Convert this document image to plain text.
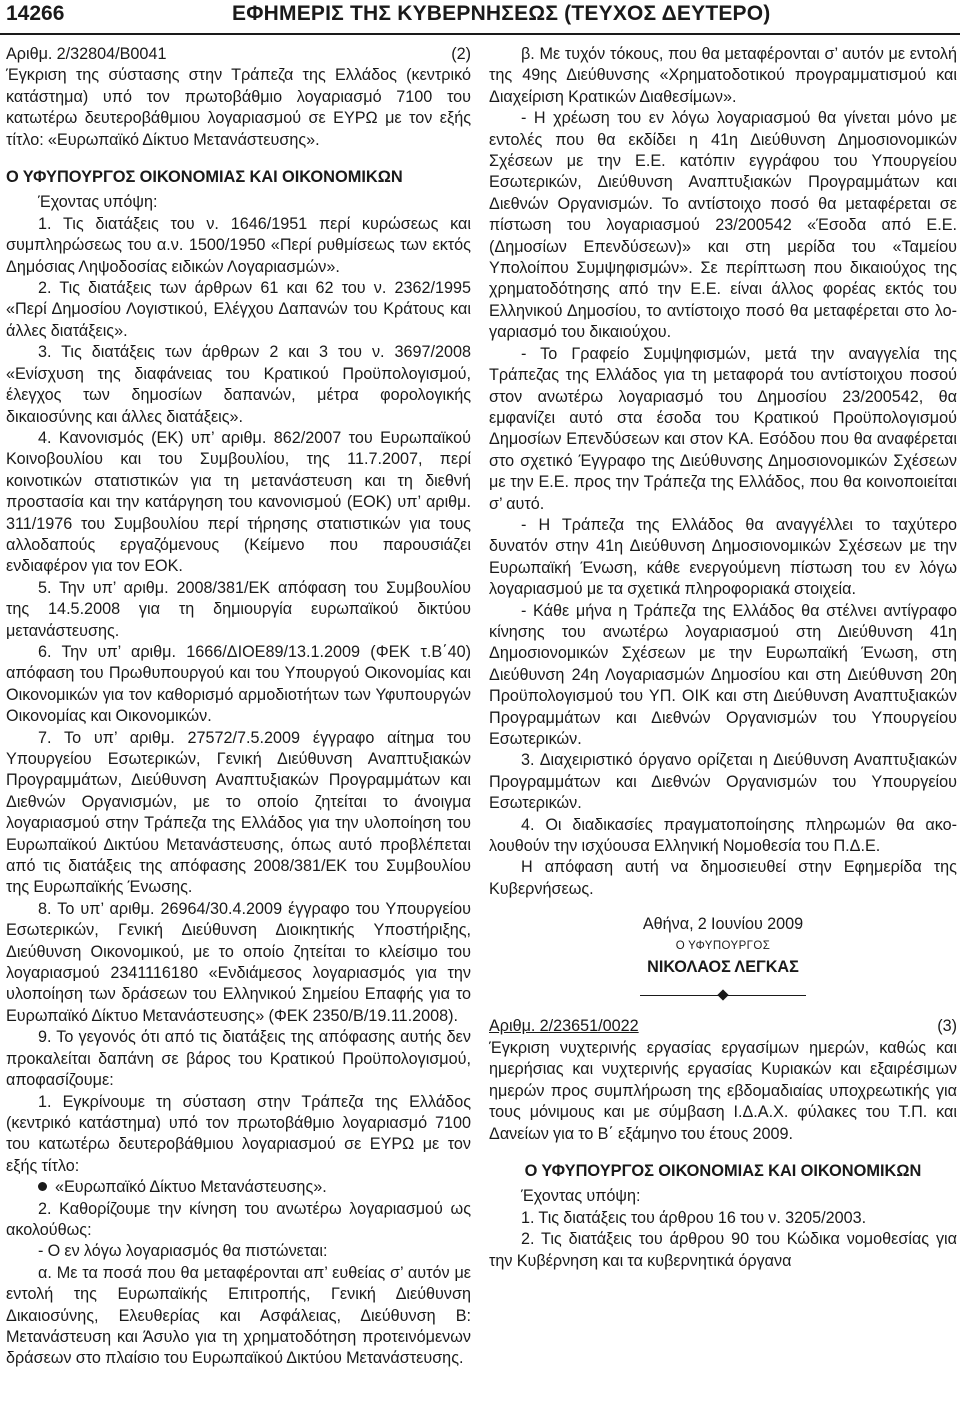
14266	ΕΦΗΜΕΡΙΣ ΤΗΣ ΚΥΒΕΡΝΗΣΕΩΣ (ΤΕΥΧΟΣ ΔΕΥΤΕΡΟ)
Αριθμ. 2/32804/Β0041	(2)

Έγκριση της σύστασης στην Τράπεζα της Ελλάδος (κεντρικό κατάστημα) υπό τον πρωτοβάθμιο λογαριασμό 7100 του κατωτέρω δευτεροβάθμιου λογαριασμού σε ΕΥΡΩ με τον εξής τίτλο: «Ευρωπαϊκό Δίκτυο Μετανάστευσης».

Ο ΥΦΥΠΟΥΡΓΟΣ ΟΙΚΟΝΟΜΙΑΣ ΚΑΙ ΟΙΚΟΝΟΜΙΚΩΝ

Έχοντας υπόψη:

1. Τις διατάξεις του ν. 1646/1951 περί κυρώσεως και συμπληρώσεως του α.ν. 1500/1950 «Περί ρυθμίσεως των εκτός Δημόσιας Ληψοδοσίας ειδικών Λογαριασμών».

2. Τις διατάξεις των άρθρων 61 και 62 του ν. 2362/1995 «Περί Δημοσίου Λογιστικού, Ελέγχου Δαπανών του Κράτους και άλλες διατάξεις».

3. Τις διατάξεις των άρθρων 2 και 3 του ν. 3697/2008 «Ενίσχυση της διαφάνειας του Κρατικού Προϋπολογισμού, έλεγχος των δημοσίων δαπανών, μέτρα φορολογικής δικαιοσύνης και άλλες διατάξεις».

4. Κανονισμός (ΕΚ) υπ’ αριθμ. 862/2007 του Ευρωπαϊκού Κοινοβουλίου και του Συμβουλίου, της 11.7.2007, περί κοινοτικών στατιστικών για τη μετανάστευση και τη διεθνή προστασία και την κατάργηση του κανονισμού (ΕΟΚ) υπ’ αριθμ. 311/1976 του Συμβουλίου περί τήρησης στατιστικών για τους αλλοδαπούς εργαζόμενους (Κείμενο που παρουσιάζει ενδιαφέρον για τον ΕΟΚ.

5. Την υπ’ αριθμ. 2008/381/ΕΚ απόφαση του Συμβουλίου της 14.5.2008 για τη δημιουργία ευρωπαϊκού δικτύου μετανάστευσης.

6. Την υπ’ αριθμ. 1666/ΔΙΟΕ89/13.1.2009 (ΦΕΚ τ.Β΄40) απόφαση του Πρωθυπουργού και του Υπουργού Οικονομίας και Οικονομικών για τον καθορισμό αρμοδιοτήτων των Υφυπουργών Οικονομίας και Οικονομικών.

7. Το υπ’ αριθμ. 27572/7.5.2009 έγγραφο αίτημα του Υπουργείου Εσωτερικών, Γενική Διεύθυνση Αναπτυξιακών Προγραμμάτων, Διεύθυνση Αναπτυξιακών Προγραμμάτων και Διεθνών Οργανισμών, με το οποίο ζητείται το άνοιγμα λογαριασμού στην Τράπεζα της Ελλάδος για την υλοποίηση του Ευρωπαϊκού Δικτύου Μετανάστευσης, όπως αυτό προβλέπεται από τις διατάξεις της απόφασης 2008/381/ΕΚ του Συμβουλίου της Ευρωπαϊκής Ένωσης.

8. Το υπ’ αριθμ. 26964/30.4.2009 έγγραφο του Υπουργείου Εσωτερικών, Γενική Διεύθυνση Διοικητικής Υποστήριξης, Διεύθυνση Οικονομικού, με το οποίο ζητείται το κλείσιμο του λογαριασμού 2341116180 «Ενδιάμεσος λογαριασμός για την υλοποίηση των δράσεων του Ελληνικού Σημείου Επαφής για το Ευρωπαϊκό Δίκτυο Μετανάστευσης» (ΦΕΚ 2350/Β/19.11.2008).

9. Το γεγονός ότι από τις διατάξεις της απόφασης αυτής δεν προκαλείται δαπάνη σε βάρος του Κρατικού Προϋπολογισμού, αποφασίζουμε:

1. Εγκρίνουμε τη σύσταση στην Τράπεζα της Ελλάδος (κεντρικό κατάστημα) υπό τον πρωτοβάθμιο λογαριασμό 7100 του κατωτέρω δευτεροβάθμιου λογαριασμού σε ΕΥΡΩ με τον εξής τίτλο:

«Ευρωπαϊκό Δίκτυο Μετανάστευσης».

2. Καθορίζουμε την κίνηση του ανωτέρω λογαριασμού ως ακολούθως:

- Ο εν λόγω λογαριασμός θα πιστώνεται:

α. Με τα ποσά που θα μεταφέρονται απ’ ευθείας σ’ αυτόν με εντολή της Ευρωπαϊκής Επιτροπής, Γενική Διεύθυνση Δικαιοσύνης, Ελευθερίας και Ασφάλειας, Διεύθυνση Β: Μετανάστευση και Άσυλο για τη χρηματοδότηση προτεινόμενων δράσεων στο πλαίσιο του Ευρωπαϊκού Δικτύου Μετανάστευσης.

β. Με τυχόν τόκους, που θα μεταφέρονται σ’ αυτόν με εντολή της 49ης Διεύθυνσης «Χρηματοδοτικού προγραμματισμού και Διαχείριση Κρατικών Διαθεσίμων».

- Η χρέωση του εν λόγω λογαριασμού θα γίνεται μόνο με εντολές που θα εκδίδει η 41η Διεύθυνση Δημοσιονομικών Σχέσεων με την Ε.Ε. κατόπιν εγγράφου του Υπουργείου Εσωτερικών, Διεύθυνση Αναπτυξιακών Προγραμμάτων και Διεθνών Οργανισμών. Το αντίστοιχο ποσό θα μεταφέρεται σε πίστωση του λογαριασμού 23/200542 «Έσοδα από Ε.Ε. (Δημοσίων Επενδύσεων)» και στη μερίδα του «Ταμείου Υπολοίπου Συμψηφισμών». Σε περίπτωση που δικαιούχος της χρηματοδότησης από την Ε.Ε. είναι άλλος φορέας εκτός του Ελληνικού Δημοσίου, το αντίστοιχο ποσό θα μεταφέρεται στο λογαριασμό του δικαιούχου.

- Το Γραφείο Συμψηφισμών, μετά την αναγγελία της Τράπεζας της Ελλάδος για τη μεταφορά του αντίστοιχου ποσού στον ανωτέρω λογαριασμό του Δημοσίου 23/200542, θα εμφανίζει αυτό στα έσοδα του Κρατικού Προϋπολογισμού Δημοσίων Επενδύσεων και στον ΚΑ. Εσόδου που θα αναφέρεται στο σχετικό Έγγραφο της Διεύθυνσης Δημοσιονομικών Σχέσεων με την Ε.Ε. προς την Τράπεζα της Ελλάδος, που θα κοινοποιείται σ’ αυτό.

- Η Τράπεζα της Ελλάδος θα αναγγέλλει το ταχύτερο δυνατόν στην 41η Διεύθυνση Δημοσιονομικών Σχέσεων με την Ευρωπαϊκή Ένωση, κάθε ενεργούμενη πίστωση του εν λόγω λογαριασμού με τα σχετικά πληροφοριακά στοιχεία.

- Κάθε μήνα η Τράπεζα της Ελλάδος θα στέλνει αντίγραφο κίνησης του ανωτέρω λογαριασμού στη Διεύθυνση 41η Δημοσιονομικών Σχέσεων με την Ευρωπαϊκή Ένωση, στη Διεύθυνση 24η Λογαριασμών Δημοσίου και στη Διεύθυνση 20η Προϋπολογισμού του ΥΠ. ΟΙΚ και στη Διεύθυνση Αναπτυξιακών Προγραμμάτων και Διεθνών Οργανισμών του Υπουργείου Εσωτερικών.

3. Διαχειριστικό όργανο ορίζεται η Διεύθυνση Αναπτυξιακών Προγραμμάτων και Διεθνών Οργανισμών του Υπουργείου Εσωτερικών.

4. Οι διαδικασίες πραγματοποίησης πληρωμών θα ακολουθούν την ισχύουσα Ελληνική Νομοθεσία του Π.Δ.Ε.

Η απόφαση αυτή να δημοσιευθεί στην Εφημερίδα της Κυβερνήσεως.

Αθήνα, 2 Ιουνίου 2009

Ο ΥΦΥΠΟΥΡΓΟΣ

ΝΙΚΟΛΑΟΣ ΛΕΓΚΑΣ

Αριθμ. 2/23651/0022	(3)

Έγκριση νυχτερινής εργασίας εργασίμων ημερών, καθώς και ημερήσιας και νυχτερινής εργασίας Κυριακών και εξαιρέσιμων ημερών προς συμπλήρωση της εβδομαδιαίας υποχρεωτικής για τους μόνιμους και με σύμβαση Ι.Δ.Α.Χ. φύλακες του Τ.Π. και Δανείων για το Β΄ εξάμηνο του έτους 2009.

Ο ΥΦΥΠΟΥΡΓΟΣ ΟΙΚΟΝΟΜΙΑΣ ΚΑΙ ΟΙΚΟΝΟΜΙΚΩΝ

Έχοντας υπόψη:

1. Τις διατάξεις του άρθρου 16 του ν. 3205/2003.

2. Τις διατάξεις του άρθρου 90 του Κώδικα νομοθεσίας για την Κυβέρνηση και τα κυβερνητικά όργανα
